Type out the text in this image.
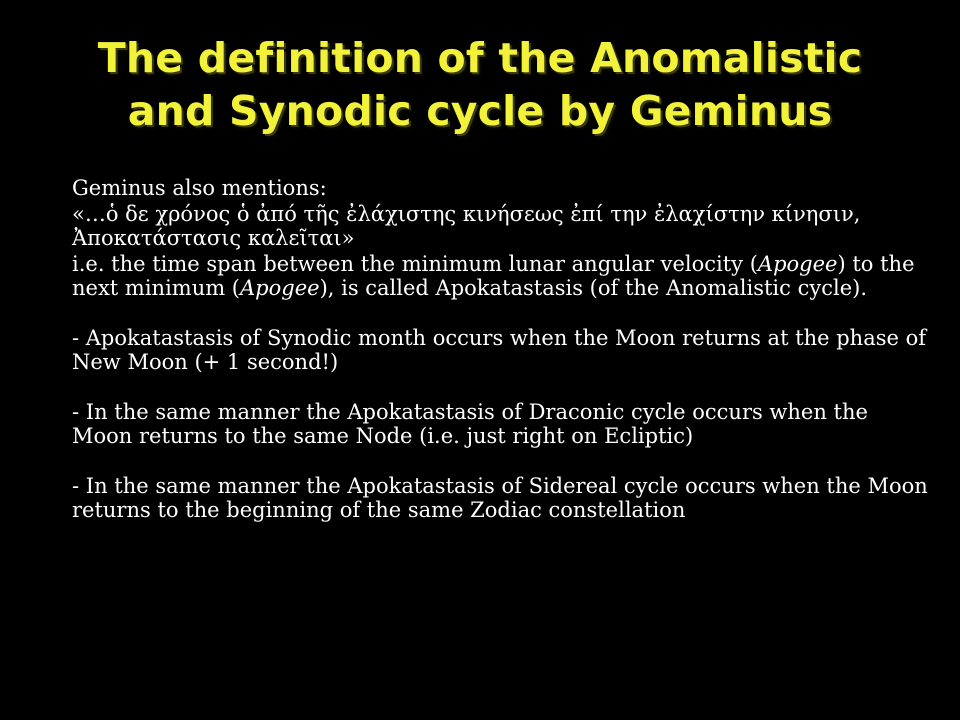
The definition of the Anomalistic
and Synodic cycle by Geminus

Geminus also mentions:

«…ὁ δε χρόνος ὁ ἀπό τῆς ἐλάχιστης κινήσεως ἐπί την ἐλαχίστην κίνησιν, Ἀποκατάστασις καλεῖται»

i.e. the time span between the minimum lunar angular velocity (Apogee) to the next minimum (Apogee), is called Apokatastasis (of the Anomalistic cycle).

- Apokatastasis of Synodic month occurs when the Moon returns at the phase of New Moon (+ 1 second!)

- In the same manner the Apokatastasis of Draconic cycle occurs when the Moon returns to the same Node (i.e. just right on Ecliptic)

- In the same manner the Apokatastasis of Sidereal cycle occurs when the Moon returns to the beginning of the same Zodiac constellation
